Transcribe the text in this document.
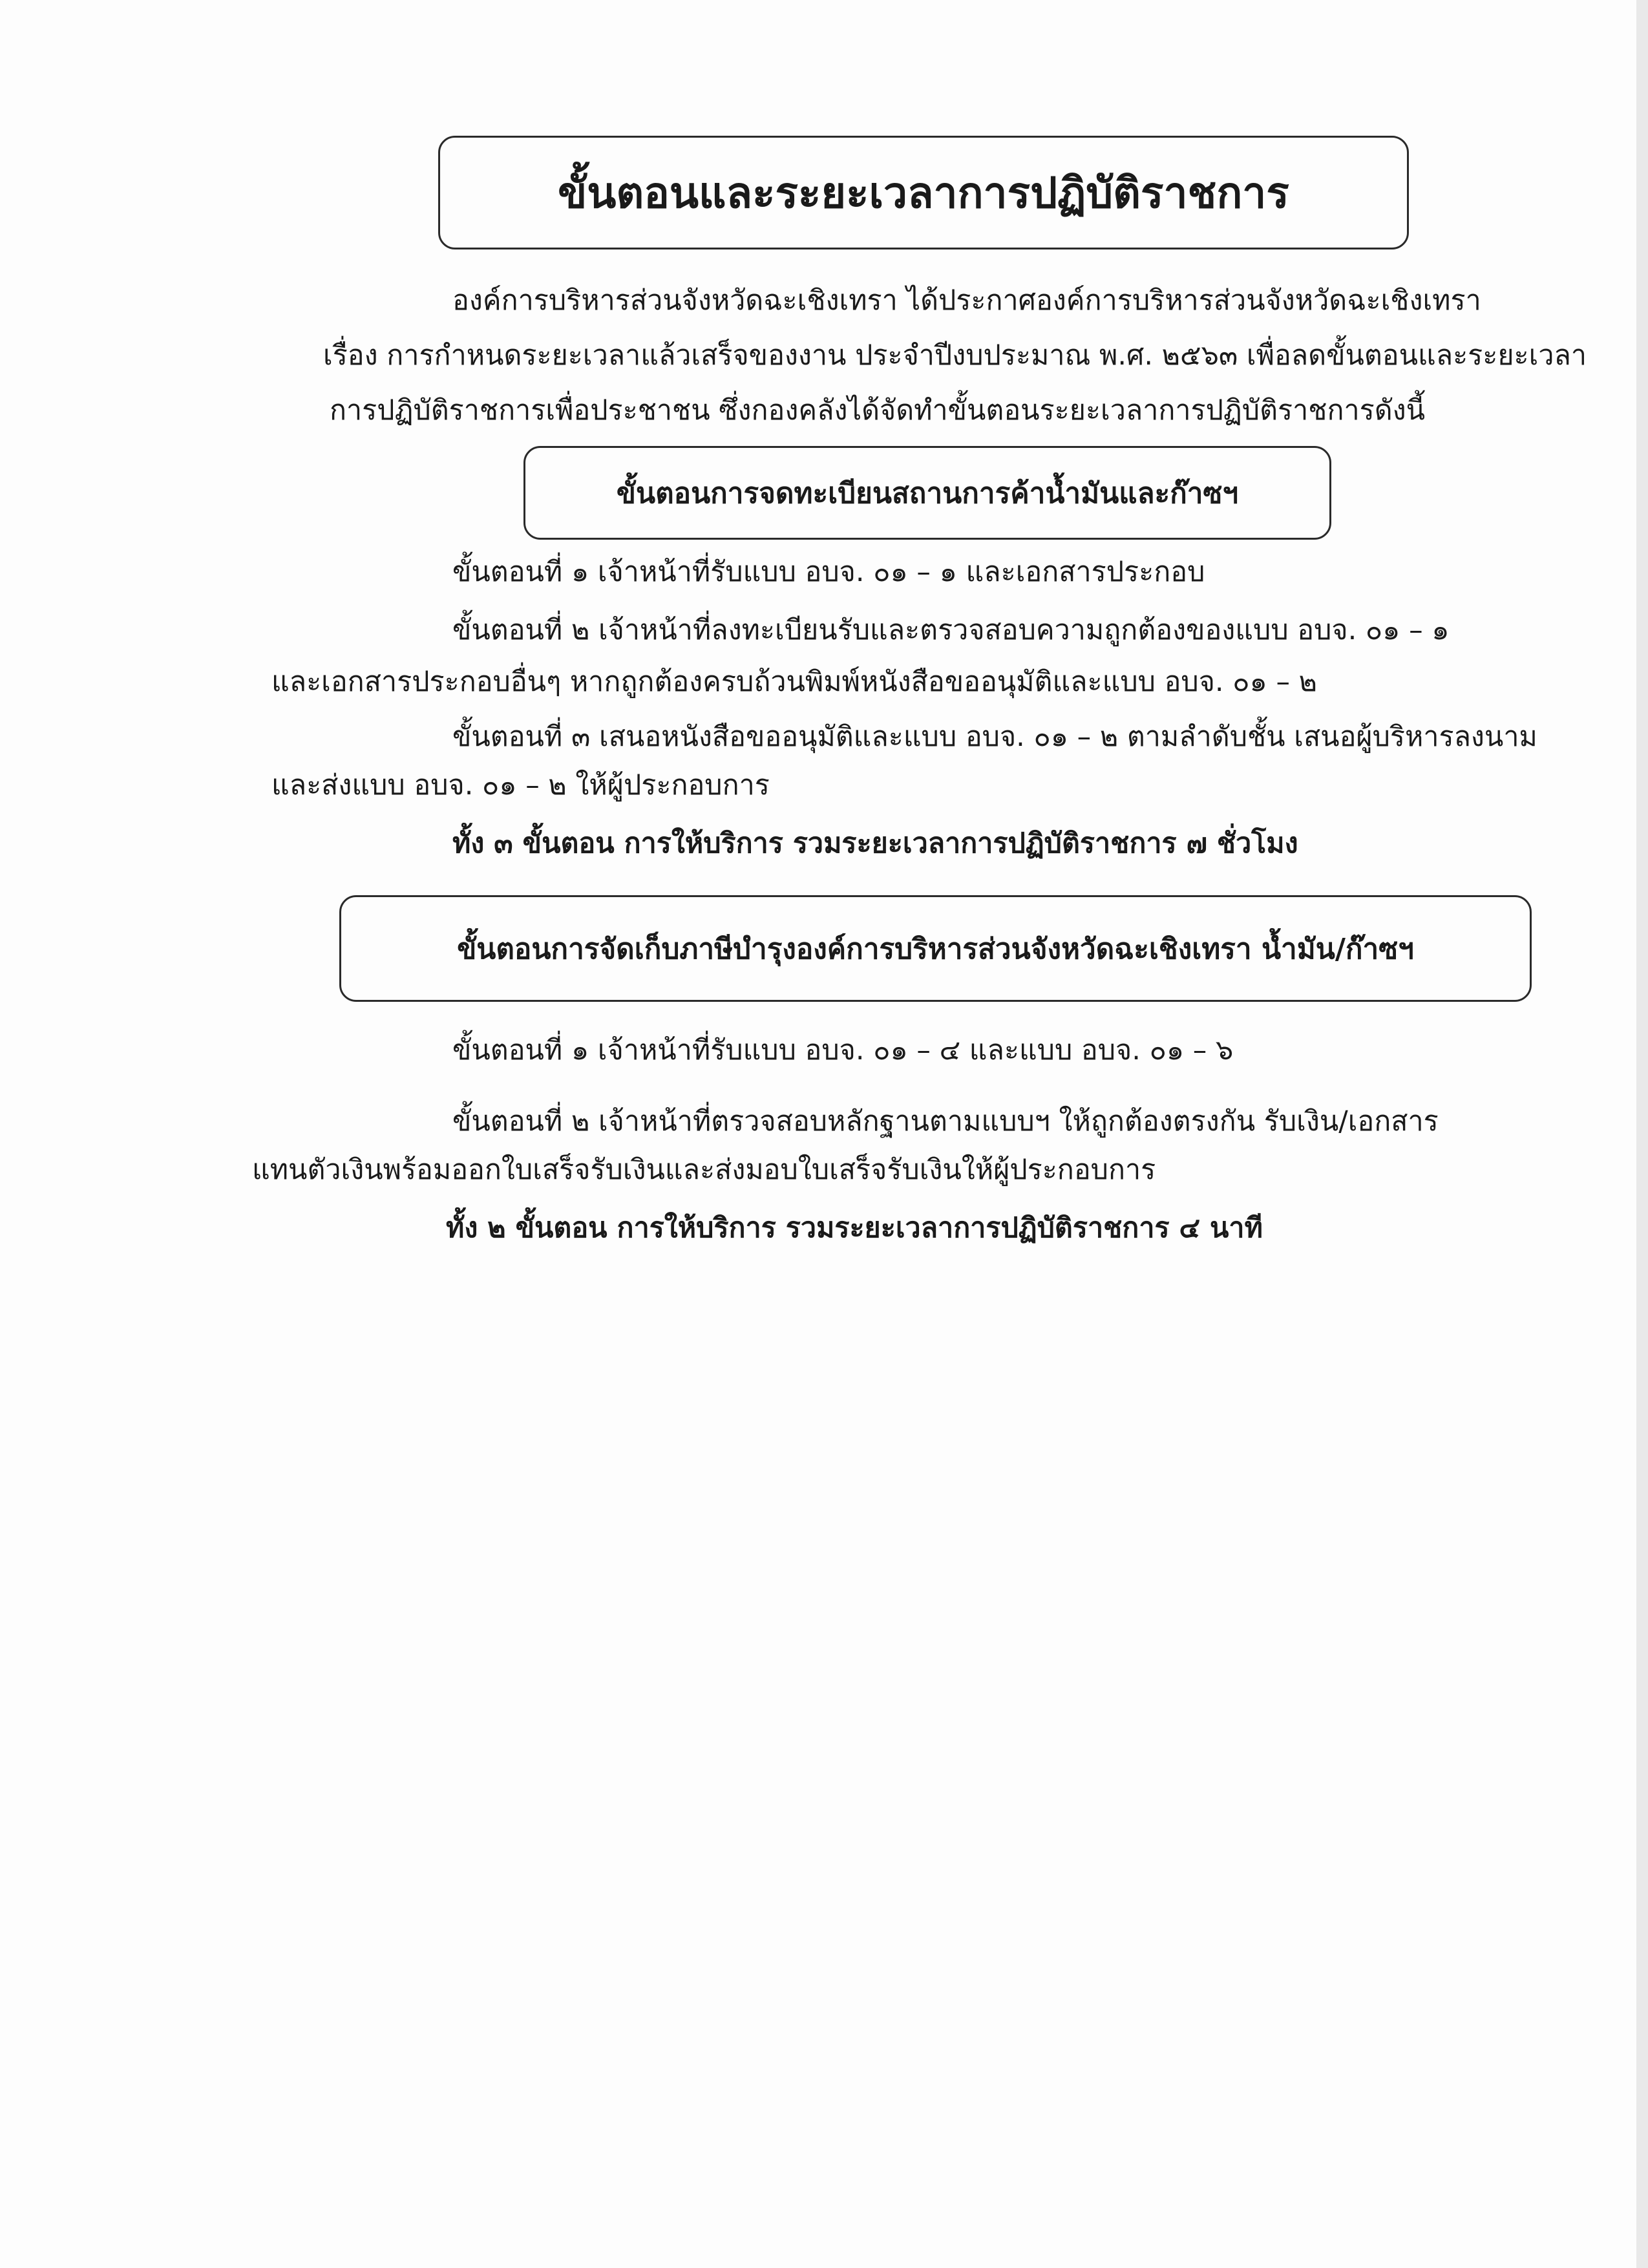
ขั้นตอนและระยะเวลาการปฏิบัติราชการ
องค์การบริหารส่วนจังหวัดฉะเชิงเทรา ได้ประกาศองค์การบริหารส่วนจังหวัดฉะเชิงเทรา
เรื่อง การกำหนดระยะเวลาแล้วเสร็จของงาน ประจำปีงบประมาณ พ.ศ. ๒๕๖๓ เพื่อลดขั้นตอนและระยะเวลา
การปฏิบัติราชการเพื่อประชาชน ซึ่งกองคลังได้จัดทำขั้นตอนระยะเวลาการปฏิบัติราชการดังนี้
ขั้นตอนการจดทะเบียนสถานการค้าน้ำมันและก๊าซฯ
ขั้นตอนที่ ๑ เจ้าหน้าที่รับแบบ อบจ. ๐๑ – ๑ และเอกสารประกอบ
ขั้นตอนที่ ๒ เจ้าหน้าที่ลงทะเบียนรับและตรวจสอบความถูกต้องของแบบ อบจ. ๐๑ – ๑
และเอกสารประกอบอื่นๆ หากถูกต้องครบถ้วนพิมพ์หนังสือขออนุมัติและแบบ อบจ. ๐๑ – ๒
ขั้นตอนที่ ๓ เสนอหนังสือขออนุมัติและแบบ อบจ. ๐๑ – ๒ ตามลำดับชั้น เสนอผู้บริหารลงนาม
และส่งแบบ อบจ. ๐๑ – ๒ ให้ผู้ประกอบการ
ทั้ง ๓ ขั้นตอน การให้บริการ รวมระยะเวลาการปฏิบัติราชการ ๗ ชั่วโมง
ขั้นตอนการจัดเก็บภาษีบำรุงองค์การบริหารส่วนจังหวัดฉะเชิงเทรา น้ำมัน/ก๊าซฯ
ขั้นตอนที่ ๑ เจ้าหน้าที่รับแบบ อบจ. ๐๑ – ๔ และแบบ อบจ. ๐๑ – ๖
ขั้นตอนที่ ๒ เจ้าหน้าที่ตรวจสอบหลักฐานตามแบบฯ ให้ถูกต้องตรงกัน รับเงิน/เอกสาร
แทนตัวเงินพร้อมออกใบเสร็จรับเงินและส่งมอบใบเสร็จรับเงินให้ผู้ประกอบการ
ทั้ง ๒ ขั้นตอน การให้บริการ รวมระยะเวลาการปฏิบัติราชการ ๔ นาที
